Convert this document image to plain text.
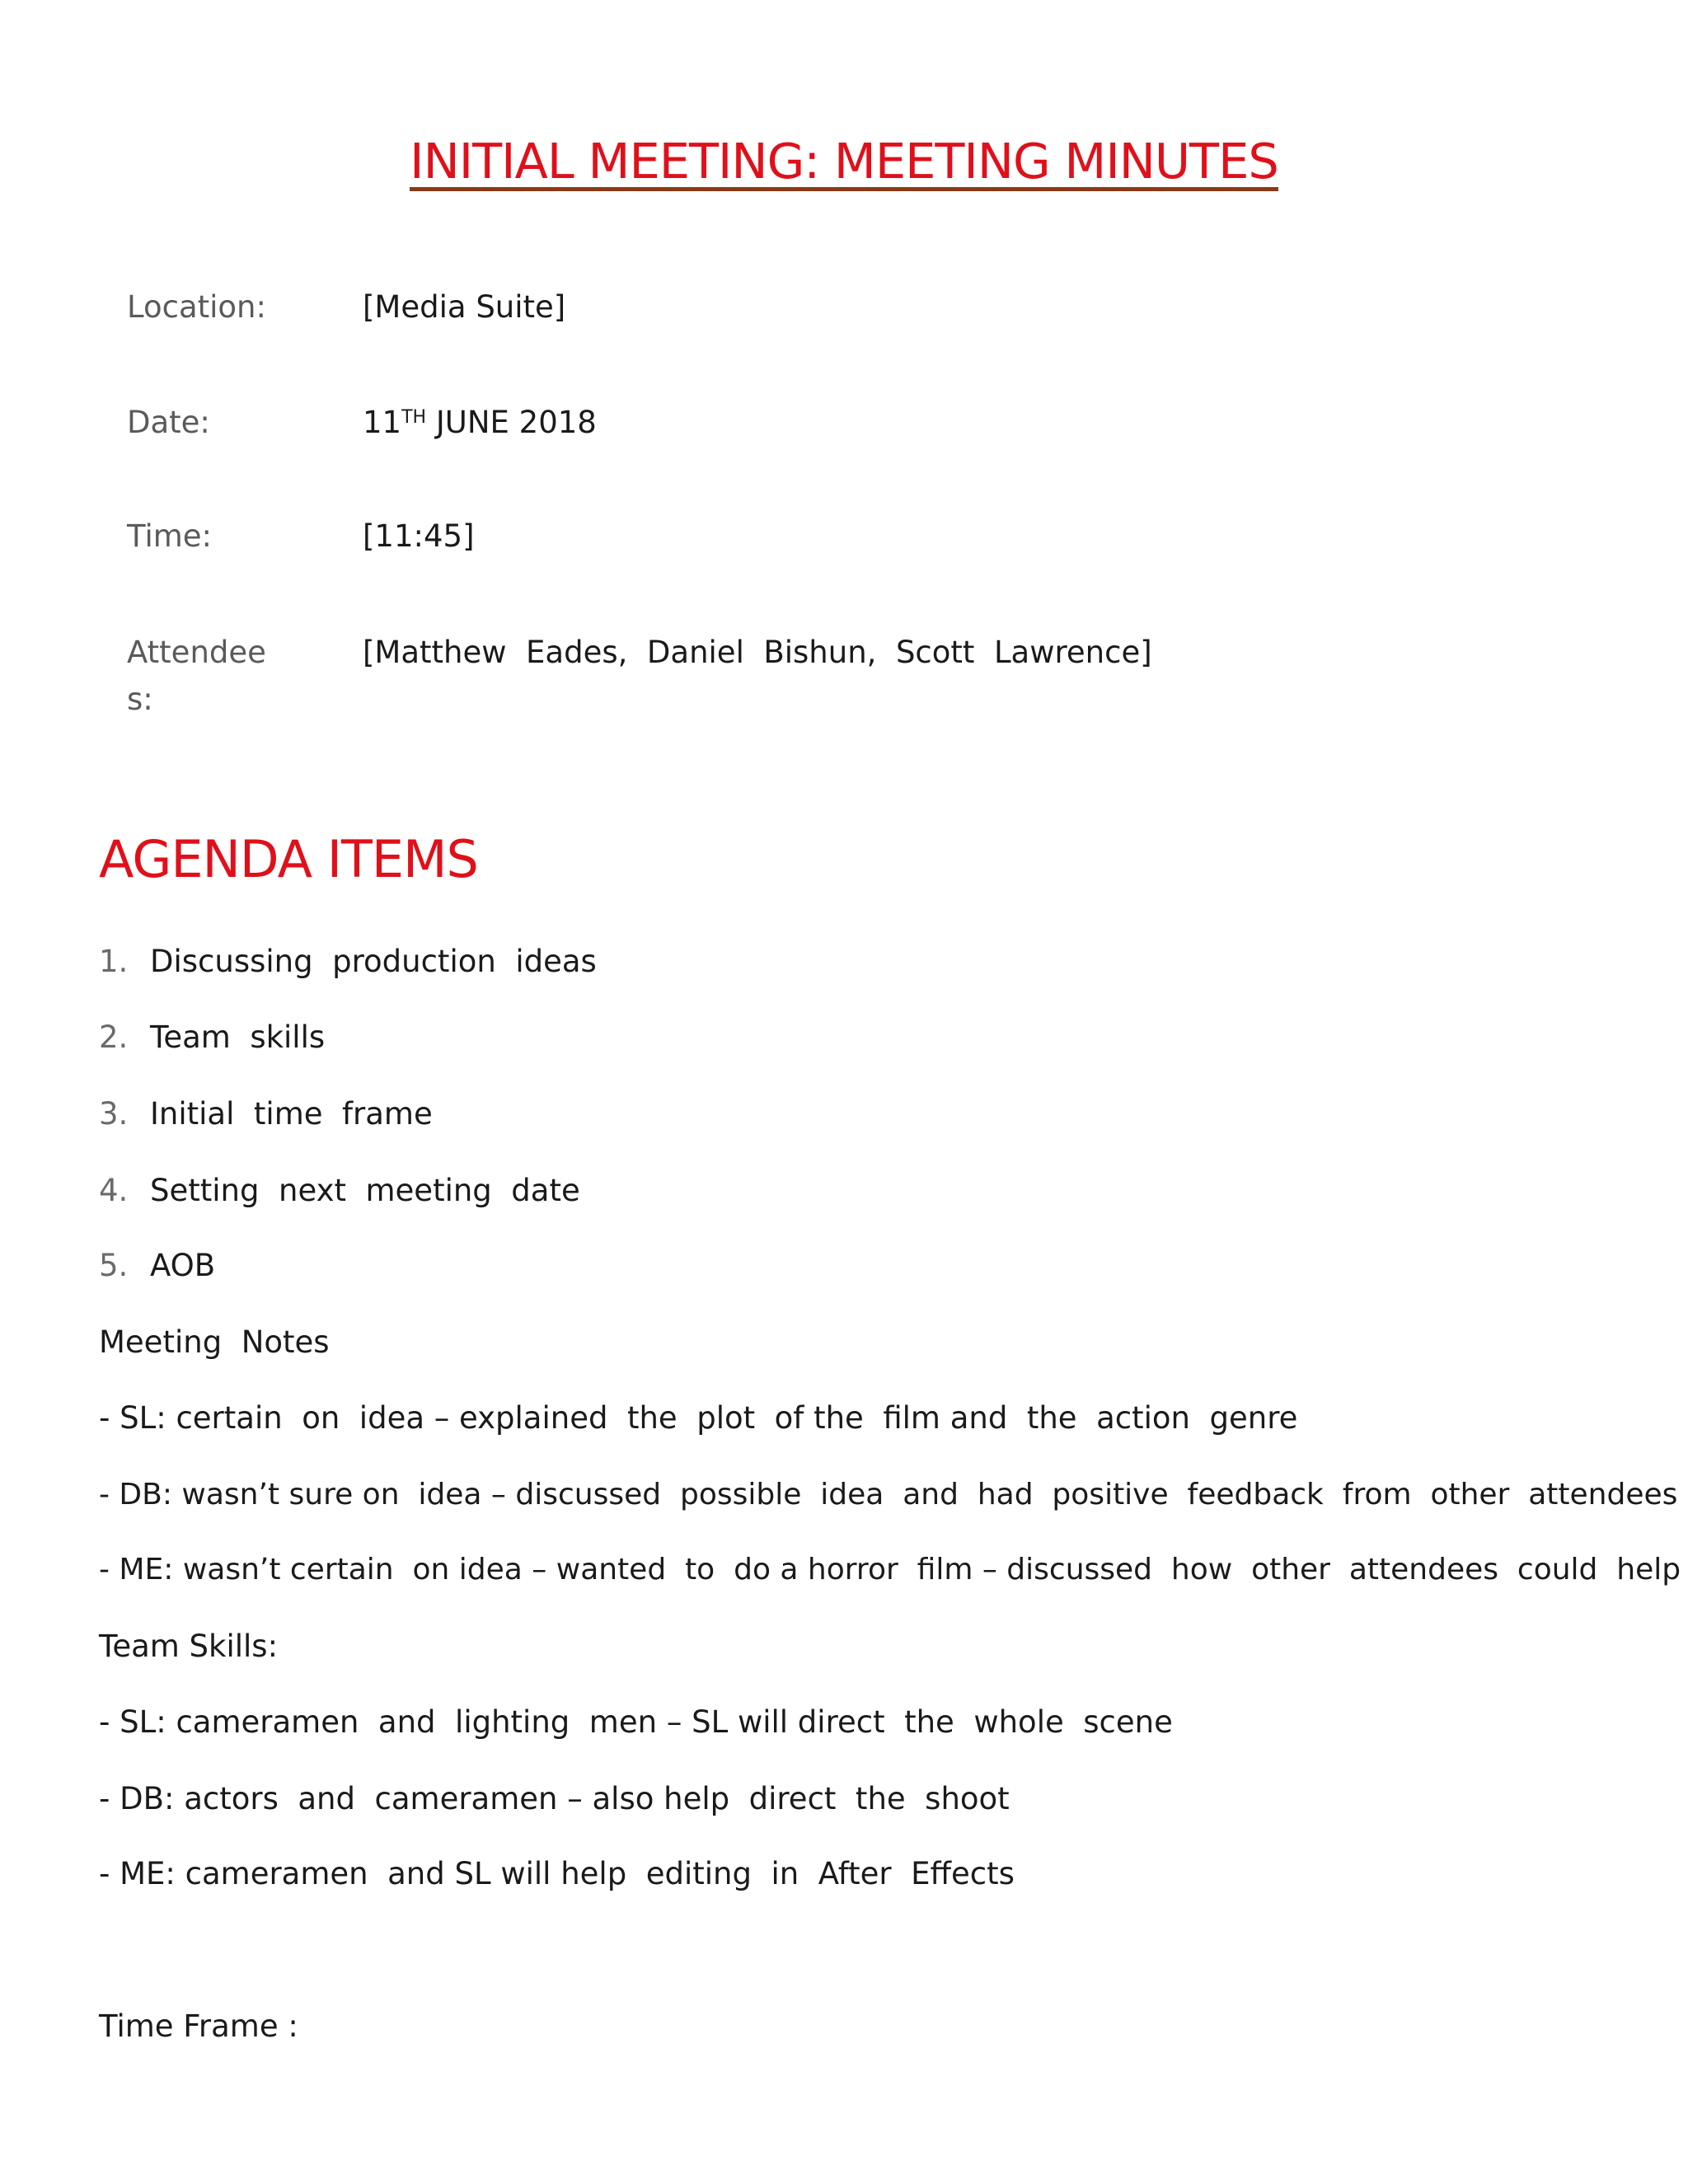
INITIAL MEETING: MEETING MINUTES
Location:	[Media Suite]
Date:	11TH JUNE 2018
Time:	[11:45]
Attendees:
[Matthew  Eades,  Daniel  Bishun,  Scott  Lawrence]
AGENDA ITEMS
1. Discussing  production  ideas
2. Team  skills
3. Initial  time  frame
4. Setting  next  meeting  date
5. AOB
Meeting  Notes
- SL: certain  on  idea – explained  the  plot  of the  film and  the  action  genre
- DB: wasn’t sure on  idea – discussed  possible  idea  and  had  positive  feedback  from  other  attendees
- ME: wasn’t certain  on idea – wanted  to  do a horror  film – discussed  how  other  attendees  could  help
Team Skills:
- SL: cameramen  and  lighting  men – SL will direct  the  whole  scene
- DB: actors  and  cameramen – also help  direct  the  shoot
- ME: cameramen  and SL will help  editing  in  After  Effects
Time Frame :
